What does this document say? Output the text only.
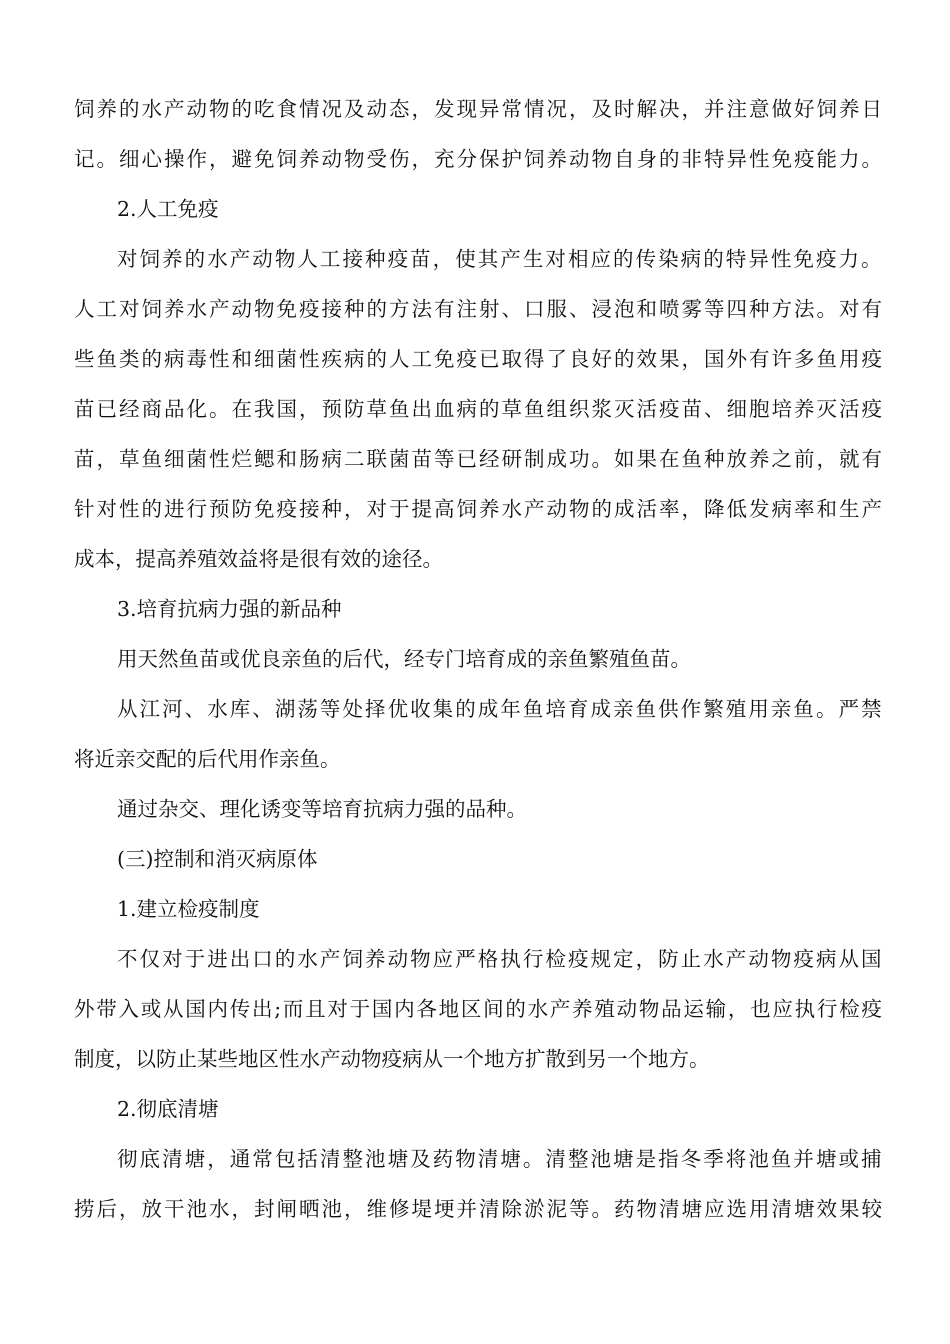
饲 养 的 水 产 动 物 的 吃 食 情 况 及 动 态 ， 发 现 异 常 情 况 ， 及 时 解 决 ， 并 注 意 做 好 饲 养 日
记 。 细 心 操 作 ， 避 免 饲 养 动 物 受 伤 ， 充 分 保 护 饲 养 动 物 自 身 的 非 特 异 性 免 疫 能 力 。
2.人工免疫
对 饲 养 的 水 产 动 物 人 工 接 种 疫 苗 ， 使 其 产 生 对 相 应 的 传 染 病 的 特 异 性 免 疫 力 。
人 工 对 饲 养 水 产 动 物 免 疫 接 种 的 方 法 有 注 射 、 口 服 、 浸 泡 和 喷 雾 等 四 种 方 法 。 对 有
些 鱼 类 的 病 毒 性 和 细 菌 性 疾 病 的 人 工 免 疫 已 取 得 了 良 好 的 效 果 ， 国 外 有 许 多 鱼 用 疫
苗 已 经 商 品 化 。 在 我 国 ， 预 防 草 鱼 出 血 病 的 草 鱼 组 织 浆 灭 活 疫 苗 、 细 胞 培 养 灭 活 疫
苗 ， 草 鱼 细 菌 性 烂 鳃 和 肠 病 二 联 菌 苗 等 已 经 研 制 成 功 。 如 果 在 鱼 种 放 养 之 前 ， 就 有
针 对 性 的 进 行 预 防 免 疫 接 种 ， 对 于 提 高 饲 养 水 产 动 物 的 成 活 率 ， 降 低 发 病 率 和 生 产
成本，提高养殖效益将是很有效的途径。
3.培育抗病力强的新品种
用天然鱼苗或优良亲鱼的后代，经专门培育成的亲鱼繁殖鱼苗。
从 江 河 、 水 库 、 湖 荡 等 处 择 优 收 集 的 成 年 鱼 培 育 成 亲 鱼 供 作 繁 殖 用 亲 鱼 。 严 禁
将近亲交配的后代用作亲鱼。
通过杂交、理化诱变等培育抗病力强的品种。
(三)控制和消灭病原体
1.建立检疫制度
不 仅 对 于 进 出 口 的 水 产 饲 养 动 物 应 严 格 执 行 检 疫 规 定 ， 防 止 水 产 动 物 疫 病 从 国
外 带 入 或 从 国 内 传 出 ; 而 且 对 于 国 内 各 地 区 间 的 水 产 养 殖 动 物 品 运 输 ， 也 应 执 行 检 疫
制度，以防止某些地区性水产动物疫病从一个地方扩散到另一个地方。
2.彻底清塘
彻 底 清 塘 ， 通 常 包 括 清 整 池 塘 及 药 物 清 塘 。 清 整 池 塘 是 指 冬 季 将 池 鱼 并 塘 或 捕
捞 后 ， 放 干 池 水 ， 封 闸 晒 池 ， 维 修 堤 埂 并 清 除 淤 泥 等 。 药 物 清 塘 应 选 用 清 塘 效 果 较
